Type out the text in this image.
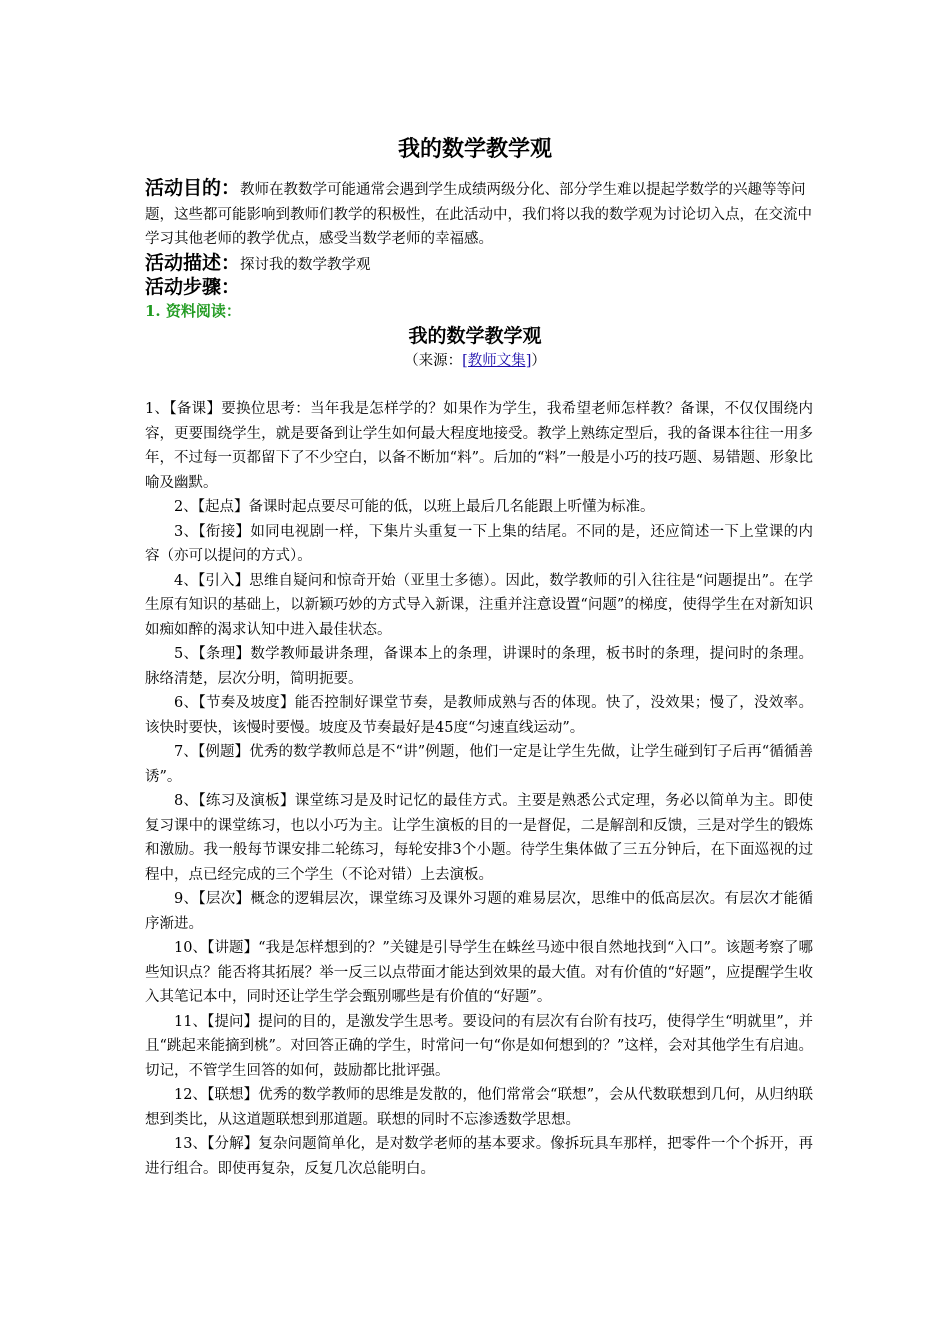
我的数学教学观
活动目的：教师在教数学可能通常会遇到学生成绩两级分化、部分学生难以提起学数学的兴趣等等问题，这些都可能影响到教师们教学的积极性，在此活动中，我们将以我的数学观为讨论切入点，在交流中学习其他老师的教学优点，感受当数学老师的幸福感。
活动描述：探讨我的数学教学观
活动步骤：
1. 资料阅读：
我的数学教学观
（来源：[教师文集]）

1、【备课】要换位思考：当年我是怎样学的？如果作为学生，我希望老师怎样教？备课，不仅仅围绕内容，更要围绕学生，就是要备到让学生如何最大程度地接受。教学上熟练定型后，我的备课本往往一用多年，不过每一页都留下了不少空白，以备不断加“料”。后加的“料”一般是小巧的技巧题、易错题、形象比喻及幽默。

2、【起点】备课时起点要尽可能的低，以班上最后几名能跟上听懂为标准。

3、【衔接】如同电视剧一样，下集片头重复一下上集的结尾。不同的是，还应简述一下上堂课的内容（亦可以提问的方式）。

4、【引入】思维自疑问和惊奇开始（亚里士多德）。因此，数学教师的引入往往是“问题提出”。在学生原有知识的基础上，以新颖巧妙的方式导入新课，注重并注意设置“问题”的梯度，使得学生在对新知识如痴如醉的渴求认知中进入最佳状态。

5、【条理】数学教师最讲条理，备课本上的条理，讲课时的条理，板书时的条理，提问时的条理。脉络清楚，层次分明，简明扼要。

6、【节奏及坡度】能否控制好课堂节奏，是教师成熟与否的体现。快了，没效果；慢了，没效率。该快时要快，该慢时要慢。坡度及节奏最好是45度“匀速直线运动”。

7、【例题】优秀的数学教师总是不“讲”例题，他们一定是让学生先做，让学生碰到钉子后再“循循善诱”。

8、【练习及演板】课堂练习是及时记忆的最佳方式。主要是熟悉公式定理，务必以简单为主。即使复习课中的课堂练习，也以小巧为主。让学生演板的目的一是督促，二是解剖和反馈，三是对学生的锻炼和激励。我一般每节课安排二轮练习，每轮安排3个小题。待学生集体做了三五分钟后，在下面巡视的过程中，点已经完成的三个学生（不论对错）上去演板。

9、【层次】概念的逻辑层次，课堂练习及课外习题的难易层次，思维中的低高层次。有层次才能循序渐进。

10、【讲题】“我是怎样想到的？”关键是引导学生在蛛丝马迹中很自然地找到“入口”。该题考察了哪些知识点？能否将其拓展？举一反三以点带面才能达到效果的最大值。对有价值的“好题”，应提醒学生收入其笔记本中，同时还让学生学会甄别哪些是有价值的“好题”。

11、【提问】提问的目的，是激发学生思考。要设问的有层次有台阶有技巧，使得学生“明就里”，并且“跳起来能摘到桃”。对回答正确的学生，时常问一句“你是如何想到的？”这样，会对其他学生有启迪。切记，不管学生回答的如何，鼓励都比批评强。

12、【联想】优秀的数学教师的思维是发散的，他们常常会“联想”，会从代数联想到几何，从归纳联想到类比，从这道题联想到那道题。联想的同时不忘渗透数学思想。

13、【分解】复杂问题简单化，是对数学老师的基本要求。像拆玩具车那样，把零件一个个拆开，再进行组合。即使再复杂，反复几次总能明白。
